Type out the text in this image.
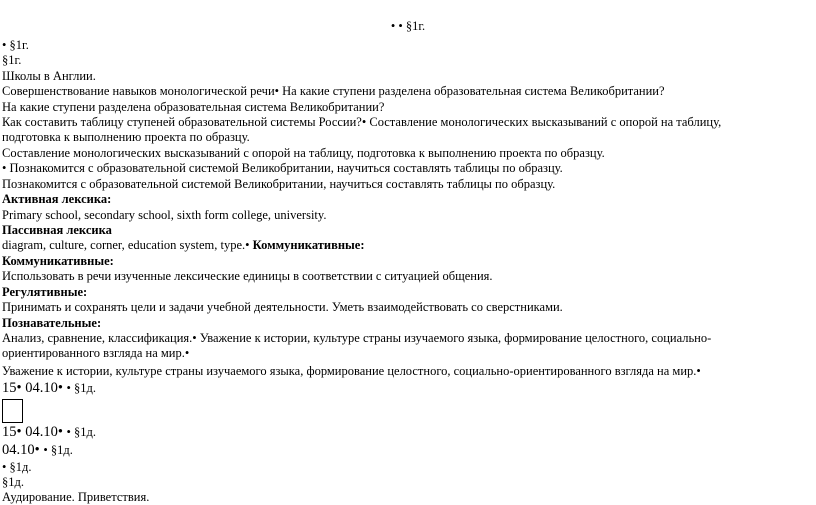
• • §1г.
• §1г.
§1г.
Школы в Англии.
Совершенствование навыков монологической речи• На какие ступени разделена образовательная система Великобритании?
На какие ступени разделена образовательная система Великобритании?
Как составить таблицу ступеней образовательной системы России?• Составление монологических высказываний с опорой на таблицу,
подготовка к выполнению проекта по образцу.
Составление монологических высказываний с опорой на таблицу, подготовка к выполнению проекта по образцу.
• Познакомится с образовательной системой Великобритании, научиться составлять таблицы по образцу.
Познакомится с образовательной системой Великобритании, научиться составлять таблицы по образцу.
Активная лексика:
Primary school, secondary school, sixth form college, university.
Пассивная лексика
diagram, culture, corner, education system, type.• Коммуникативные:
Коммуникативные:
Использовать в речи изученные лексические единицы в соответствии с ситуацией общения.
Регулятивные:
Принимать и сохранять цели и задачи учебной деятельности. Уметь взаимодействовать со сверстниками.
Познавательные:
Анализ, сравнение, классификация.• Уважение к истории, культуре страны изучаемого языка, формирование целостного, социально-
ориентированного взгляда на мир.•
Уважение к истории, культуре страны изучаемого языка, формирование целостного, социально-ориентированного взгляда на мир.•
15• 04.10• • §1д.
15• 04.10• • §1д.
04.10• • §1д.
• §1д.
§1д.
Аудирование. Приветствия.
